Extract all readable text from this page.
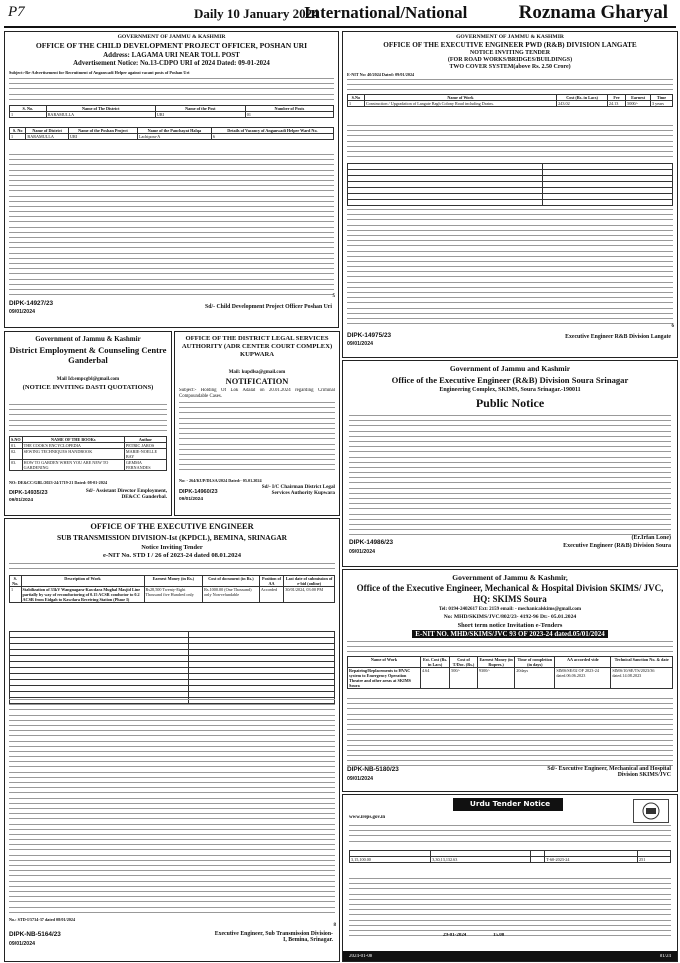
P7	Daily 10 January 2024
International/National	Roznama Gharyal
GOVERNMENT OF JAMMU & KASHMIR
OFFICE OF THE CHILD DEVELOPMENT PROJECT OFFICER, POSHAN URI
Address: LAGAMA URI NEAR TOLL POST
Advertisement Notice: No.13-CDPO URI of 2024 Dated: 09-01-2024
Subject:-Re-Advertisement for Recruitment of Anganwadi Helper against vacant posts of Poshan Uri
S. No.	Name of The District	Name of the Post	Number of Posts
1	BARAMULLA	URI	01
S. No	Name of District	Name of the Poshan Project	Name of the Panchayat Halqa	Details of Vacancy of Anganwadi Helper Ward No.
1	BARAMULLA	URI	Lachipora-A	6
DIPK-14927/23
09/01/2024
Sd/- Child Development Project Officer Poshan Uri
5
GOVERNMENT OF JAMMU & KASHMIR
OFFICE OF THE EXECUTIVE ENGINEER PWD (R&B) DIVISION LANGATE
NOTICE INVITING TENDER
(FOR ROAD WORKS/BRIDGES/BUILDINGS)
TWO COVER SYSTEM(above Rs. 2.50 Crore)
E-NIT No: 40/2024 Dated: 09/01/2024
S.No	Name of Work	Cost (Rs. in Lacs)	Fee	Earnest	Time
1	Construction / Upgradation of Langate Bagh Colony Road including Drains.	243.02	24.13	5000/-	3 years

DIPK-14975/23
09/01/2024
Executive Engineer R&B Division Langate
6
Government of Jammu & Kashmir
District Employment & Counseling Centre Ganderbal
Mail Id:empcgbl@gmail.com
(NOTICE INVITING DASTI QUOTATIONS)
S.NO	NAME OF THE BOOKs	Author
01.	THE COOK'S ENCYCLOPEDIA	PETRIC JAROS
02.	SEWING TECHNIQUES HANDBOOK	MARIE-NOELLE BAY
03.	HOW TO GARDEN WHEN YOU ARE NEW TO GARDENING	GEMMA FERNANDES
NO: DE&CC/GBL/2023-24/1719-21 Dated: 08-01-2024
DIPK-14935/23
09/01/2024
Sd/- Assistant Director Employment, DE&CC Ganderbal.
OFFICE OF THE DISTRICT LEGAL SERVICES AUTHORITY (ADR CENTER COURT COMPLEX) KUPWARA
Mail: kupdlsa@gmail.com
NOTIFICATION
Subject:- Holding Of Lok Adalat on 20.01.2024 regarding Criminal Compoundable Cases.
No: - 264/KUP/DLSA/2024 Dated:- 05.01.2024
DIPK-14960/23
09/01/2024
Sd/- I/C Chairman District Legal Services Authority Kupwara
Government of Jammu and Kashmir
Office of the Executive Engineer (R&B) Division Soura Srinagar
Engineering Complex, SKIMS, Soura Srinagar.-190011
Public Notice
DIPK-14986/23
09/01/2024
(Er.Irfan Lone)
Executive Engineer (R&B) Division Soura
OFFICE OF THE EXECUTIVE ENGINEER
SUB TRANSMISSION DIVISION-Ist (KPDCL), BEMINA, SRINAGAR
Notice Inviting Tender
e-NIT No. STD I / 26 of 2023-24 dated 08.01.2024
S. No.	Description of Work	Earnest Money (in Rs.)	Cost of document (in Rs.)	Position of AA	Last date of submission of e-bid (online)
1	Stabilization of 33kV Wangnagara-Kawdara Mughal Masjid Line partially by way of reconductoring of 0.15 ACSR conductor to 0.2 ACSR from Eidgah to Kawdara Receiving Station (Phase I)	Rs28,500 Twenty-Eight Thousand five Hundred only	Rs.1000.00 (One Thousand) only Non-refundable	Accorded	30/01/2024, 03:00 PM

No.: STD-I/5734-37 dated 08/01/2024
DIPK-NB-5164/23
09/01/2024
Executive Engineer, Sub Transmission Division-I, Bemina, Srinagar.
8
Government of Jammu & Kashmir,
Office of the Executive Engineer, Mechanical & Hospital Division SKIMS/ JVC, HQ: SKIMS Soura
Tel: 0194-2402617 Ext: 2159 email: - mechanicalskims@gmail.com
No: MHD/SKIMS/JVC/802/23- 4192-96 Dt:- 05.01.2024
Short term notice Invitation e-Tenders
E-NIT NO. MHD/SKIMS/JVC 93 OF 2023-24 dated.05/01/2024
Name of Work	Est. Cost (Rs. in Lacs)	Cost of T/Doc. (Rs.)	Earnest Money (in Rupees.)	Time of completion (in days)	AA accorded vide	Technical Sanction No. & date
Repairing/Replacements to HVAC system to Emergency Operation Theatre and other areas at SKIMS Soura	4.64	500/-	9300/-	20days	SIMS/SE/02 OF 2023-24 dated.06.06.2023	SIMS/10/SE/TS/2023/36 dated.14.08.2023
DIPK-NB-5180/23
09/01/2024
Sd/- Executive Engineer, Mechanical and Hospital Division SKIMS/JVC
Urdu Tender Notice
www.ireps.gov.in

3,15,100.00	3,30,13,132.63		T-60-2023-24	251
29-01-2024	15.00
2024-01-08	81/24
